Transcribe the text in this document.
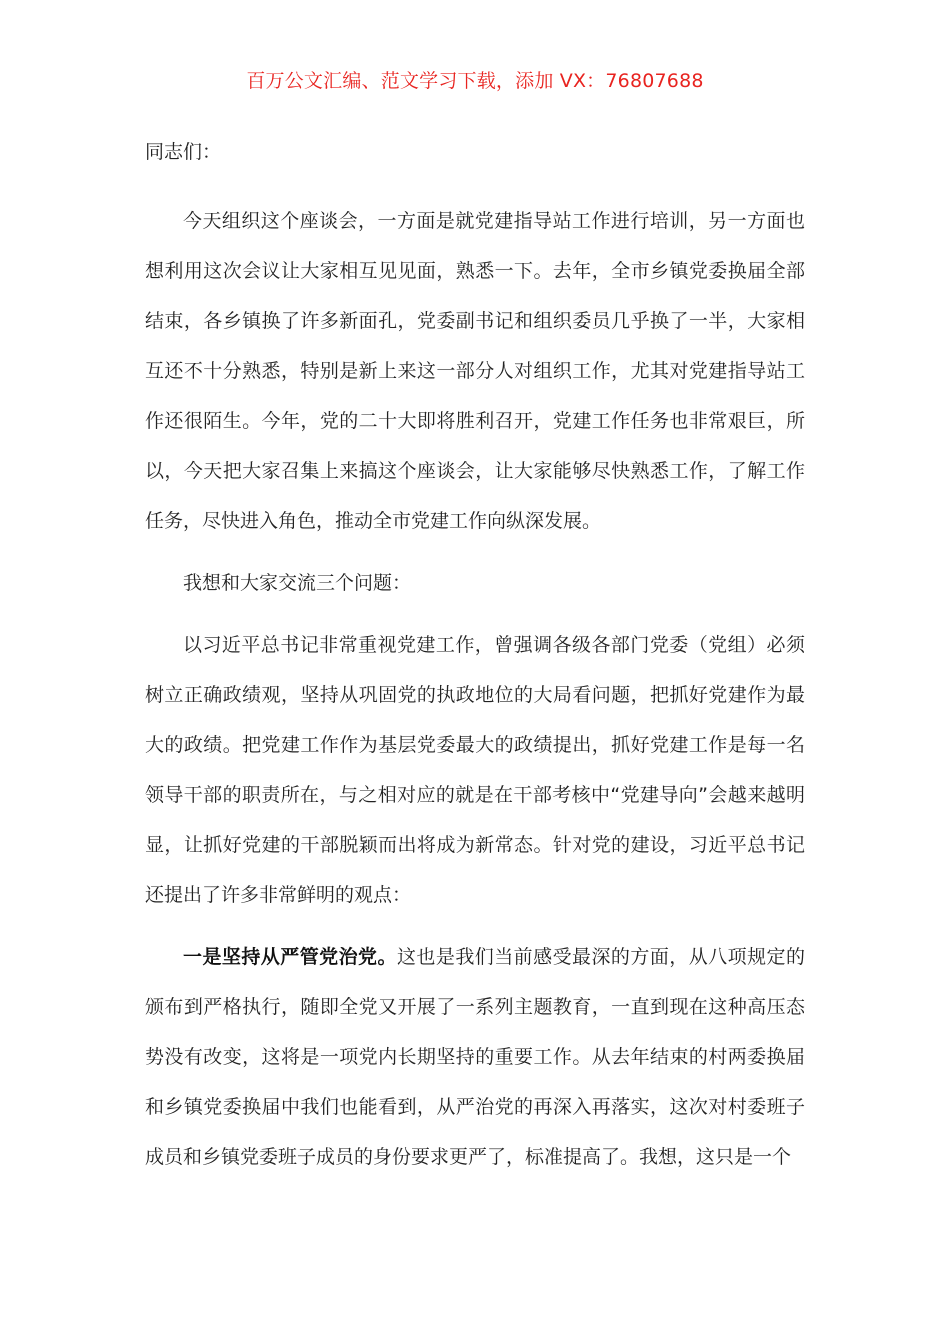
百万公文汇编、范文学习下载，添加 VX：76807688

同志们：

今天组织这个座谈会，一方面是就党建指导站工作进行培训，另一方面也想利用这次会议让大家相互见见面，熟悉一下。去年，全市乡镇党委换届全部结束，各乡镇换了许多新面孔，党委副书记和组织委员几乎换了一半，大家相互还不十分熟悉，特别是新上来这一部分人对组织工作，尤其对党建指导站工作还很陌生。今年，党的二十大即将胜利召开，党建工作任务也非常艰巨，所以，今天把大家召集上来搞这个座谈会，让大家能够尽快熟悉工作，了解工作任务，尽快进入角色，推动全市党建工作向纵深发展。

我想和大家交流三个问题：

以习近平总书记非常重视党建工作，曾强调各级各部门党委（党组）必须树立正确政绩观，坚持从巩固党的执政地位的大局看问题，把抓好党建作为最大的政绩。把党建工作作为基层党委最大的政绩提出，抓好党建工作是每一名领导干部的职责所在，与之相对应的就是在干部考核中“党建导向”会越来越明显，让抓好党建的干部脱颖而出将成为新常态。针对党的建设，习近平总书记还提出了许多非常鲜明的观点：

一是坚持从严管党治党。这也是我们当前感受最深的方面，从八项规定的颁布到严格执行，随即全党又开展了一系列主题教育，一直到现在这种高压态势没有改变，这将是一项党内长期坚持的重要工作。从去年结束的村两委换届和乡镇党委换届中我们也能看到，从严治党的再深入再落实，这次对村委班子成员和乡镇党委班子成员的身份要求更严了，标准提高了。我想，这只是一个
